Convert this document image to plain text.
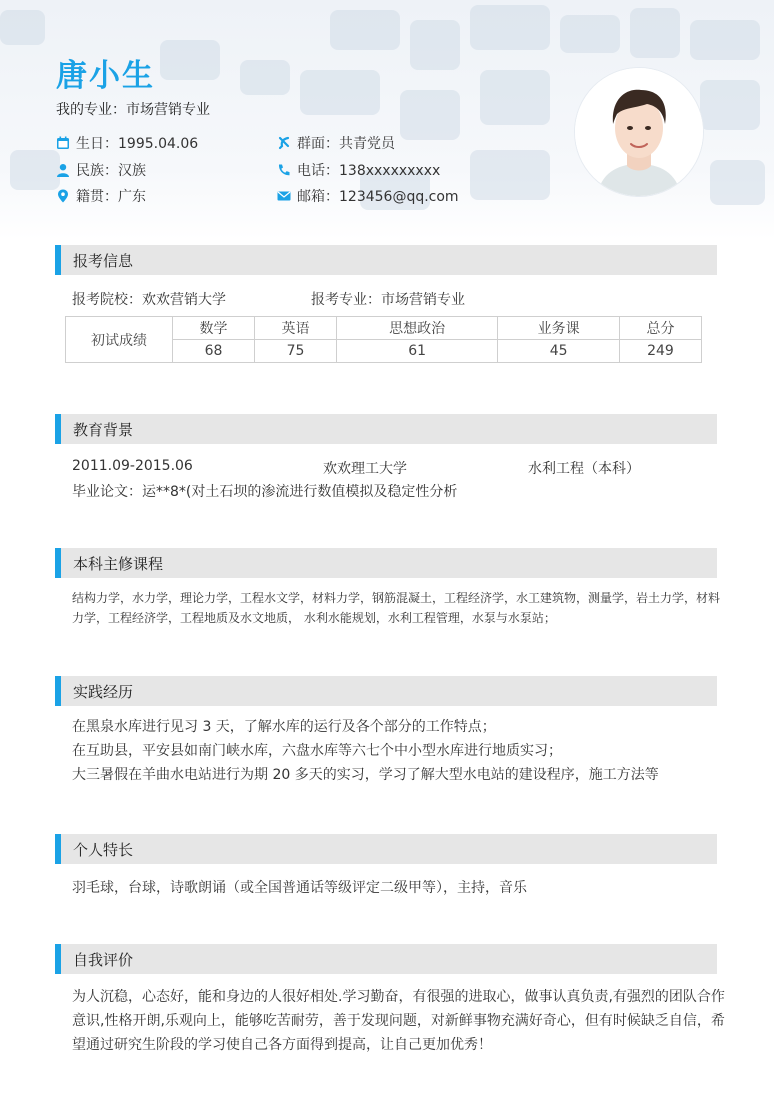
唐小生
我的专业：市场营销专业
生日：1995.04.06	群面：共青党员
民族：汉族	电话：138xxxxxxxxx
籍贯：广东	邮箱：123456@qq.com
报考信息
报考院校：欢欢营销大学	报考专业：市场营销专业
初试成绩	数学	英语	思想政治	业务课	总分
	68	75	61	45	249
教育背景
2011.09-2015.06	欢欢理工大学	水利工程（本科）
毕业论文：运**8*(对土石坝的渗流进行数值模拟及稳定性分析
本科主修课程
结构力学，水力学，理论力学，工程水文学，材料力学，钢筋混凝土，工程经济学，水工建筑物，测量学，岩土力学，材料
力学，工程经济学，工程地质及水文地质， 水利水能规划，水利工程管理，水泵与水泵站；
实践经历
在黑泉水库进行见习 3 天，了解水库的运行及各个部分的工作特点；
在互助县，平安县如南门峡水库，六盘水库等六七个中小型水库进行地质实习；
大三暑假在羊曲水电站进行为期 20 多天的实习，学习了解大型水电站的建设程序，施工方法等
个人特长
羽毛球，台球，诗歌朗诵（或全国普通话等级评定二级甲等），主持，音乐
自我评价
为人沉稳，心态好，能和身边的人很好相处.学习勤奋，有很强的进取心，做事认真负责,有强烈的团队合作
意识,性格开朗,乐观向上，能够吃苦耐劳，善于发现问题，对新鲜事物充满好奇心，但有时候缺乏自信，希
望通过研究生阶段的学习使自己各方面得到提高，让自己更加优秀！
